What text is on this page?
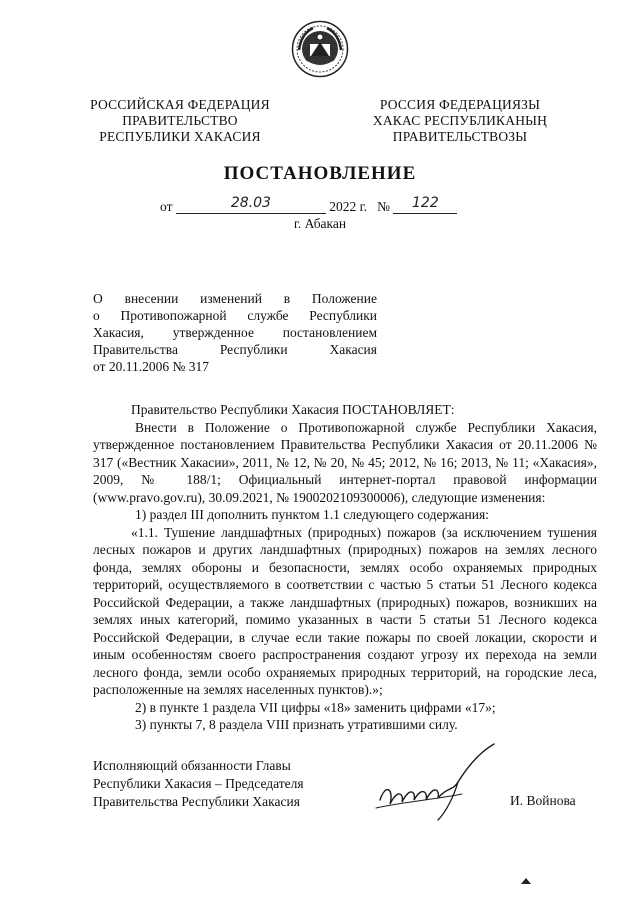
РОССИЙСКАЯ ФЕДЕРАЦИЯ
ПРАВИТЕЛЬСТВО
РЕСПУБЛИКИ ХАКАСИЯ
РОССИЯ ФЕДЕРАЦИЯЗЫ
ХАКАС РЕСПУБЛИКАНЫҢ
ПРАВИТЕЛЬСТВОЗЫ
ПОСТАНОВЛЕНИЕ
от	28.03	2022 г. № 122
г. Абакан

О внесении изменений в Положение

о Противопожарной службе Республики

Хакасия, утвержденное постановлением

Правительства Республики Хакасия

от 20.11.2006 № 317

Правительство Республики Хакасия ПОСТАНОВЛЯЕТ:

Внести в Положение о Противопожарной службе Республики Хакасия, утвержденное постановлением Правительства Республики Хакасия от 20.11.2006 № 317 («Вестник Хакасии», 2011, № 12, № 20, № 45; 2012, № 16; 2013, № 11; «Хакасия», 2009, № 188/1; Официальный интернет-портал правовой информации (www.pravo.gov.ru), 30.09.2021, № 1900202109300006), следующие изменения:

1) раздел III дополнить пунктом 1.1 следующего содержания:

«1.1. Тушение ландшафтных (природных) пожаров (за исключением тушения лесных пожаров и других ландшафтных (природных) пожаров на землях лесного фонда, землях обороны и безопасности, землях особо охраняемых природных территорий, осуществляемого в соответствии с частью 5 статьи 51 Лесного кодекса Российской Федерации, а также ландшафтных (природных) пожаров, возникших на землях иных категорий, помимо указанных в части 5 статьи 51 Лесного кодекса Российской Федерации, в случае если такие пожары по своей локации, скорости и иным особенностям своего распространения создают угрозу их перехода на земли лесного фонда, земли особо охраняемых природных территорий, на городские леса, расположенные на землях населенных пунктов).»;

2) в пункте 1 раздела VII цифры «18» заменить цифрами «17»;

3) пункты 7, 8 раздела VIII признать утратившими силу.

Исполняющий обязанности Главы
Республики Хакасия – Председателя
Правительства Республики Хакасия	И. Войнова
